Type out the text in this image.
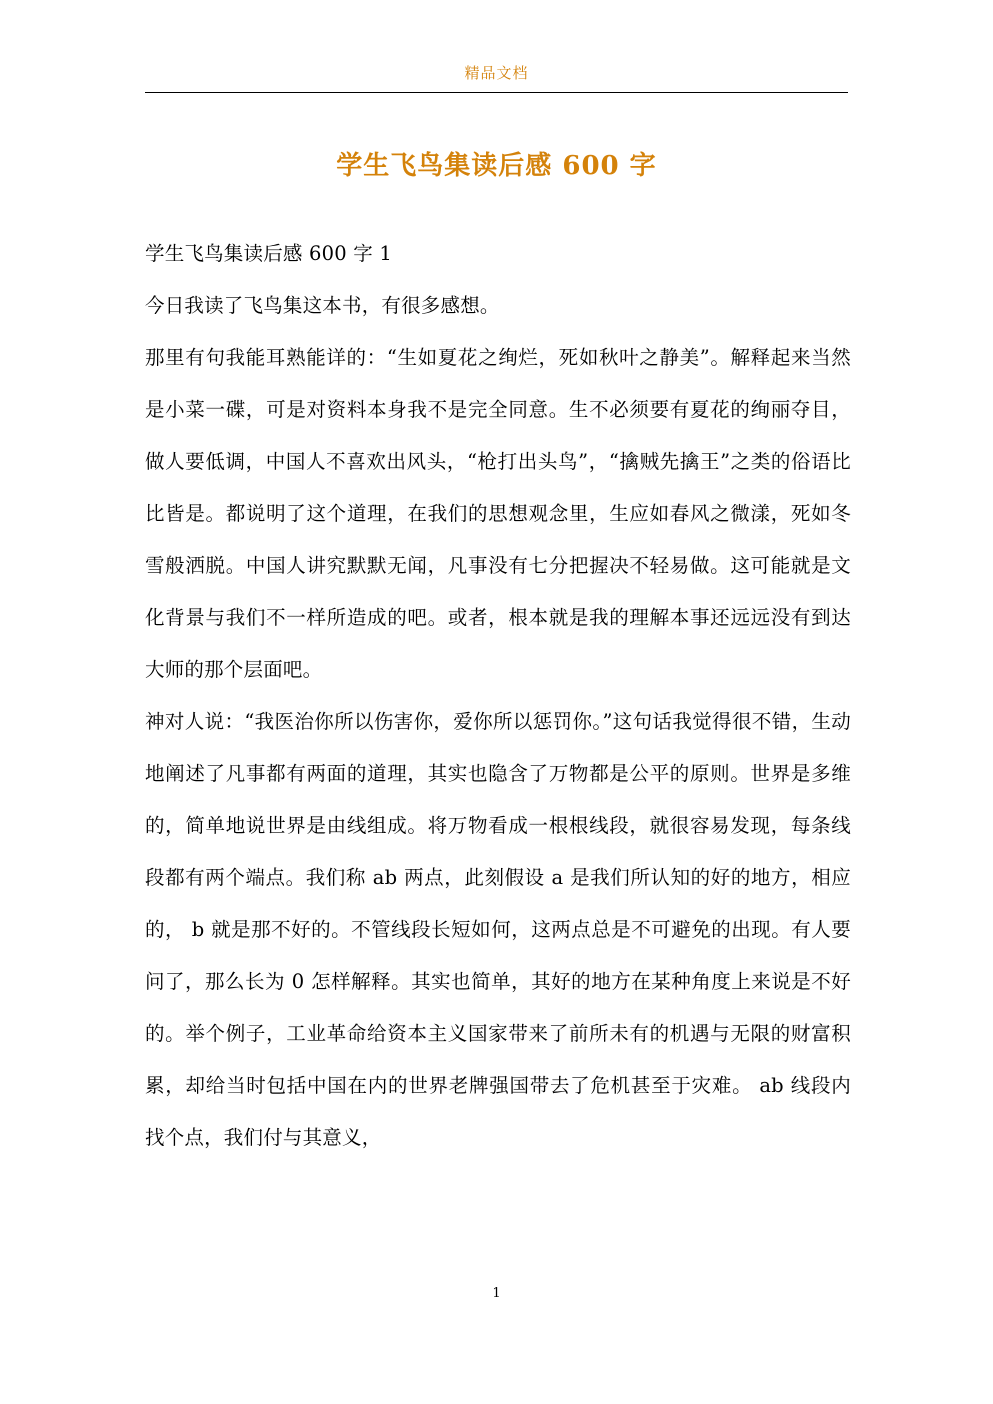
精品文档
学生飞鸟集读后感 600 字

学生飞鸟集读后感 600 字 1

今日我读了飞鸟集这本书，有很多感想。

那里有句我能耳熟能详的：“生如夏花之绚烂，死如秋叶之静美”。解释起来当然是小菜一碟，可是对资料本身我不是完全同意。生不必须要有夏花的绚丽夺目，做人要低调，中国人不喜欢出风头，“枪打出头鸟”，“擒贼先擒王”之类的俗语比比皆是。都说明了这个道理，在我们的思想观念里，生应如春风之微漾，死如冬雪般洒脱。中国人讲究默默无闻，凡事没有七分把握决不轻易做。这可能就是文化背景与我们不一样所造成的吧。或者，根本就是我的理解本事还远远没有到达大师的那个层面吧。

神对人说：“我医治你所以伤害你，爱你所以惩罚你。”这句话我觉得很不错，生动地阐述了凡事都有两面的道理，其实也隐含了万物都是公平的原则。世界是多维的，简单地说世界是由线组成。将万物看成一根根线段，就很容易发现，每条线段都有两个端点。我们称 ab 两点，此刻假设 a 是我们所认知的好的地方，相应的， b 就是那不好的。不管线段长短如何，这两点总是不可避免的出现。有人要问了，那么长为 0 怎样解释。其实也简单，其好的地方在某种角度上来说是不好的。举个例子，工业革命给资本主义国家带来了前所未有的机遇与无限的财富积累，却给当时包括中国在内的世界老牌强国带去了危机甚至于灾难。 ab 线段内找个点，我们付与其意义，

1
